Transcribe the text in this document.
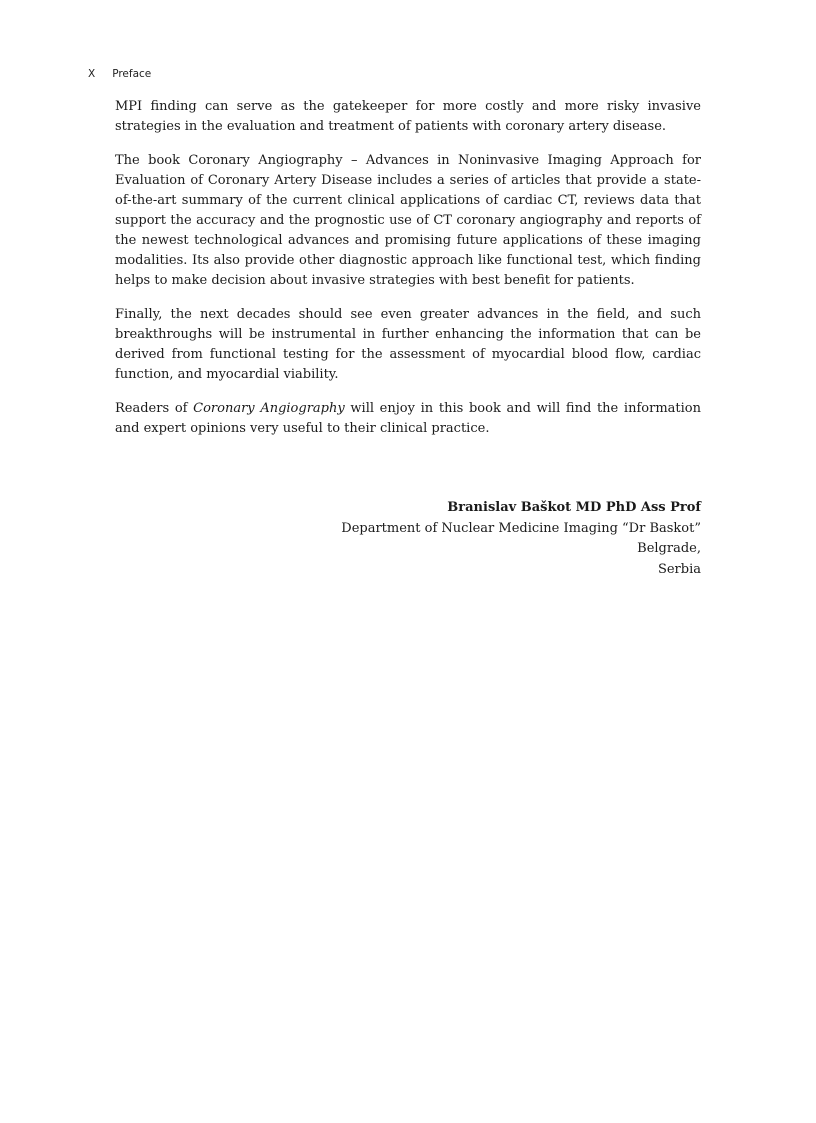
X Preface

MPI finding can serve as the gatekeeper for more costly and more risky invasive strategies in the evaluation and treatment of patients with coronary artery disease.

The book Coronary Angiography – Advances in Noninvasive Imaging Approach for Evaluation of Coronary Artery Disease includes a series of articles that provide a state-of-the-art summary of the current clinical applications of cardiac CT, reviews data that support the accuracy and the prognostic use of CT coronary angiography and reports of the newest technological advances and promising future applications of these imaging modalities. Its also provide other diagnostic approach like functional test, which finding helps to make decision about invasive strategies with best benefit for patients.

Finally, the next decades should see even greater advances in the field, and such breakthroughs will be instrumental in further enhancing the information that can be derived from functional testing for the assessment of myocardial blood flow, cardiac function, and myocardial viability.

Readers of Coronary Angiography will enjoy in this book and will find the information and expert opinions very useful to their clinical practice.

Branislav Baškot MD PhD Ass Prof
Department of Nuclear Medicine Imaging “Dr Baskot”
Belgrade,
Serbia
